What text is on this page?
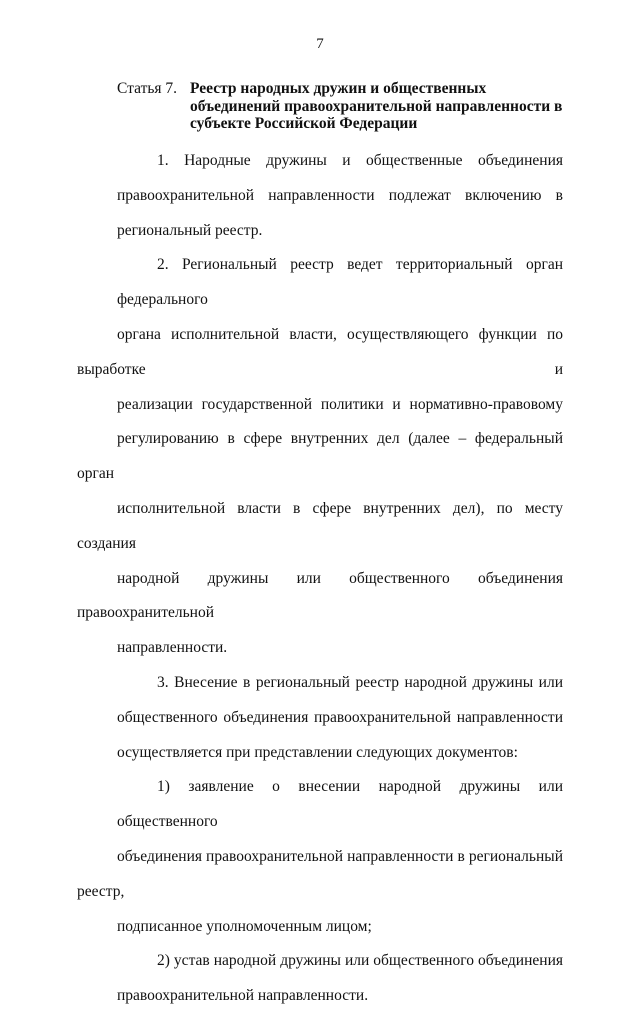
7
Статья 7. Реестр народных дружин и общественных объединений правоохранительной направленности в субъекте Российской Федерации
1. Народные дружины и общественные объединения
правоохранительной направленности подлежат включению в
региональный реестр.
2. Региональный реестр ведет территориальный орган федерального
органа исполнительной власти, осуществляющего функции по выработке и
реализации государственной политики и нормативно-правовому
регулированию в сфере внутренних дел (далее – федеральный орган
исполнительной власти в сфере внутренних дел), по месту создания
народной дружины или общественного объединения правоохранительной
направленности.
3. Внесение в региональный реестр народной дружины или
общественного объединения правоохранительной направленности
осуществляется при представлении следующих документов:
1) заявление о внесении народной дружины или общественного
объединения правоохранительной направленности в региональный реестр,
подписанное уполномоченным лицом;
2) устав народной дружины или общественного объединения
правоохранительной направленности.
